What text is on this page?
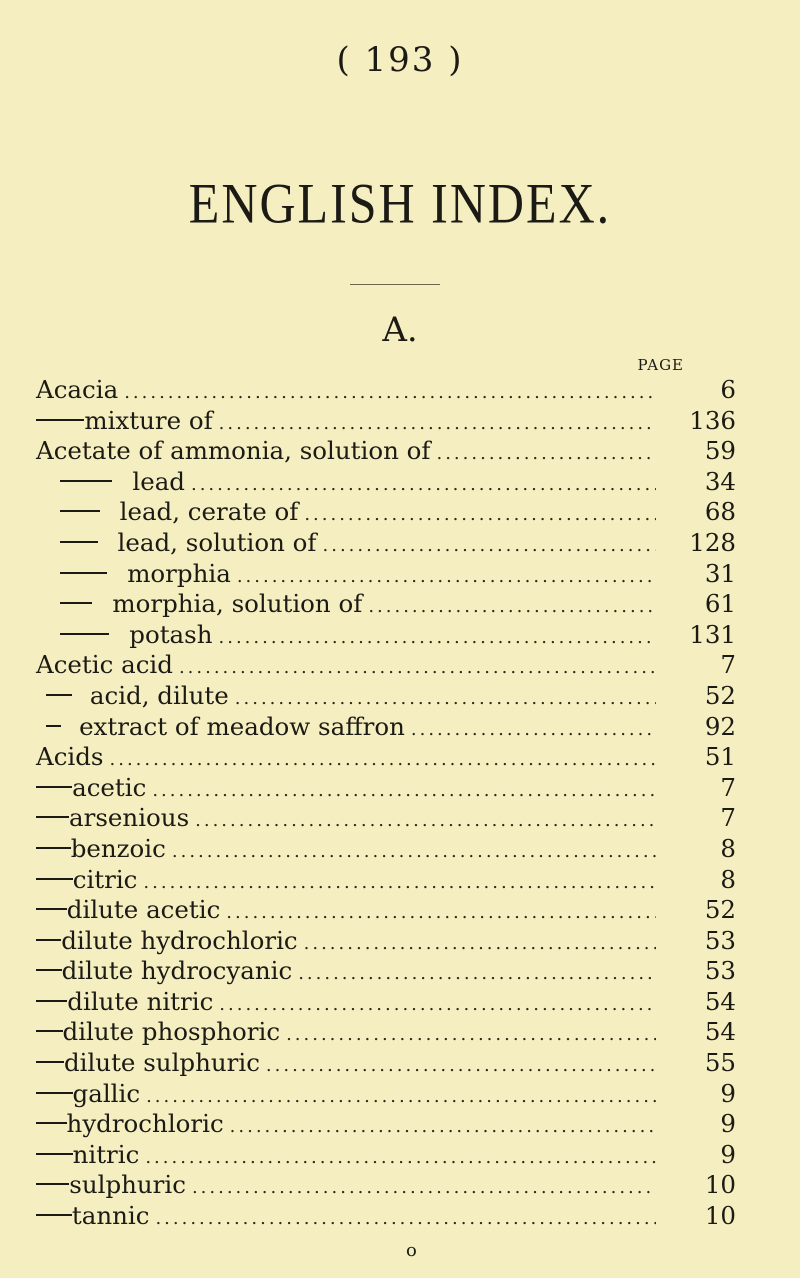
( 193 )
ENGLISH INDEX.
A.
PAGE
Acacia .....	6
mixture of .....	136
Acetate of ammonia, solution of .....	59
lead .....	34
lead, cerate of .....	68
lead, solution of .....	128
morphia .....	31
morphia, solution of .....	61
potash .....	131
Acetic acid .....	7
acid, dilute .....	52
extract of meadow saffron .....	92
Acids .....	51
acetic .....	7
arsenious .....	7
benzoic .....	8
citric .....	8
dilute acetic .....	52
dilute hydrochloric .....	53
dilute hydrocyanic .....	53
dilute nitric .....	54
dilute phosphoric .....	54
dilute sulphuric .....	55
gallic .....	9
hydrochloric .....	9
nitric .....	9
sulphuric .....	10
tannic .....	10
o
